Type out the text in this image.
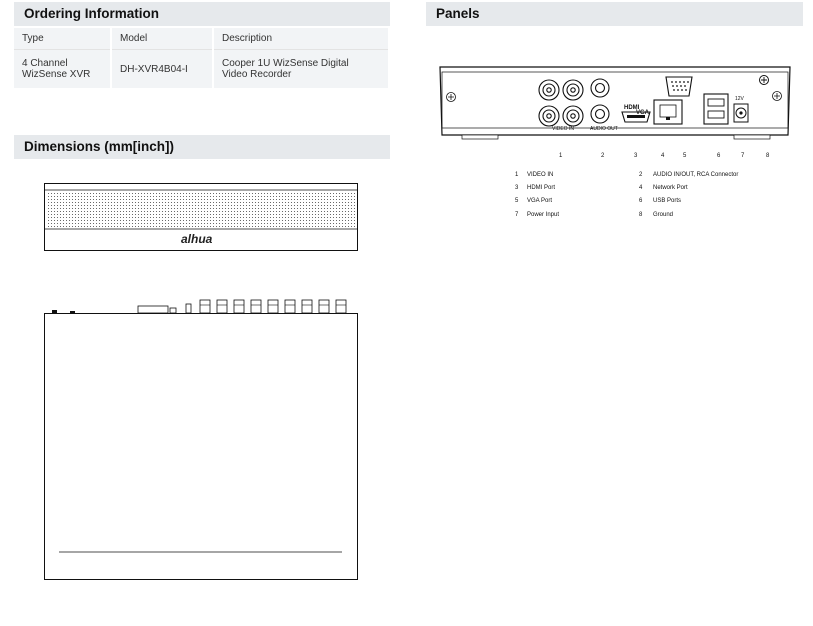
Ordering Information
Type	Model	Description
4 Channel WizSense XVR	DH-XVR4B04-I	Cooper 1U WizSense Digital Video Recorder
Dimensions (mm[inch])
alhua
Panels
VGA
HDMI
VIDEO IN	AUDIO OUT
12V
1	2	3	4	5	6	7	8
1 VIDEO IN	2 AUDIO IN/OUT, RCA Connector
3 HDMI Port	4 Network Port
5 VGA Port	6 USB Ports
7 Power Input	8 Ground
